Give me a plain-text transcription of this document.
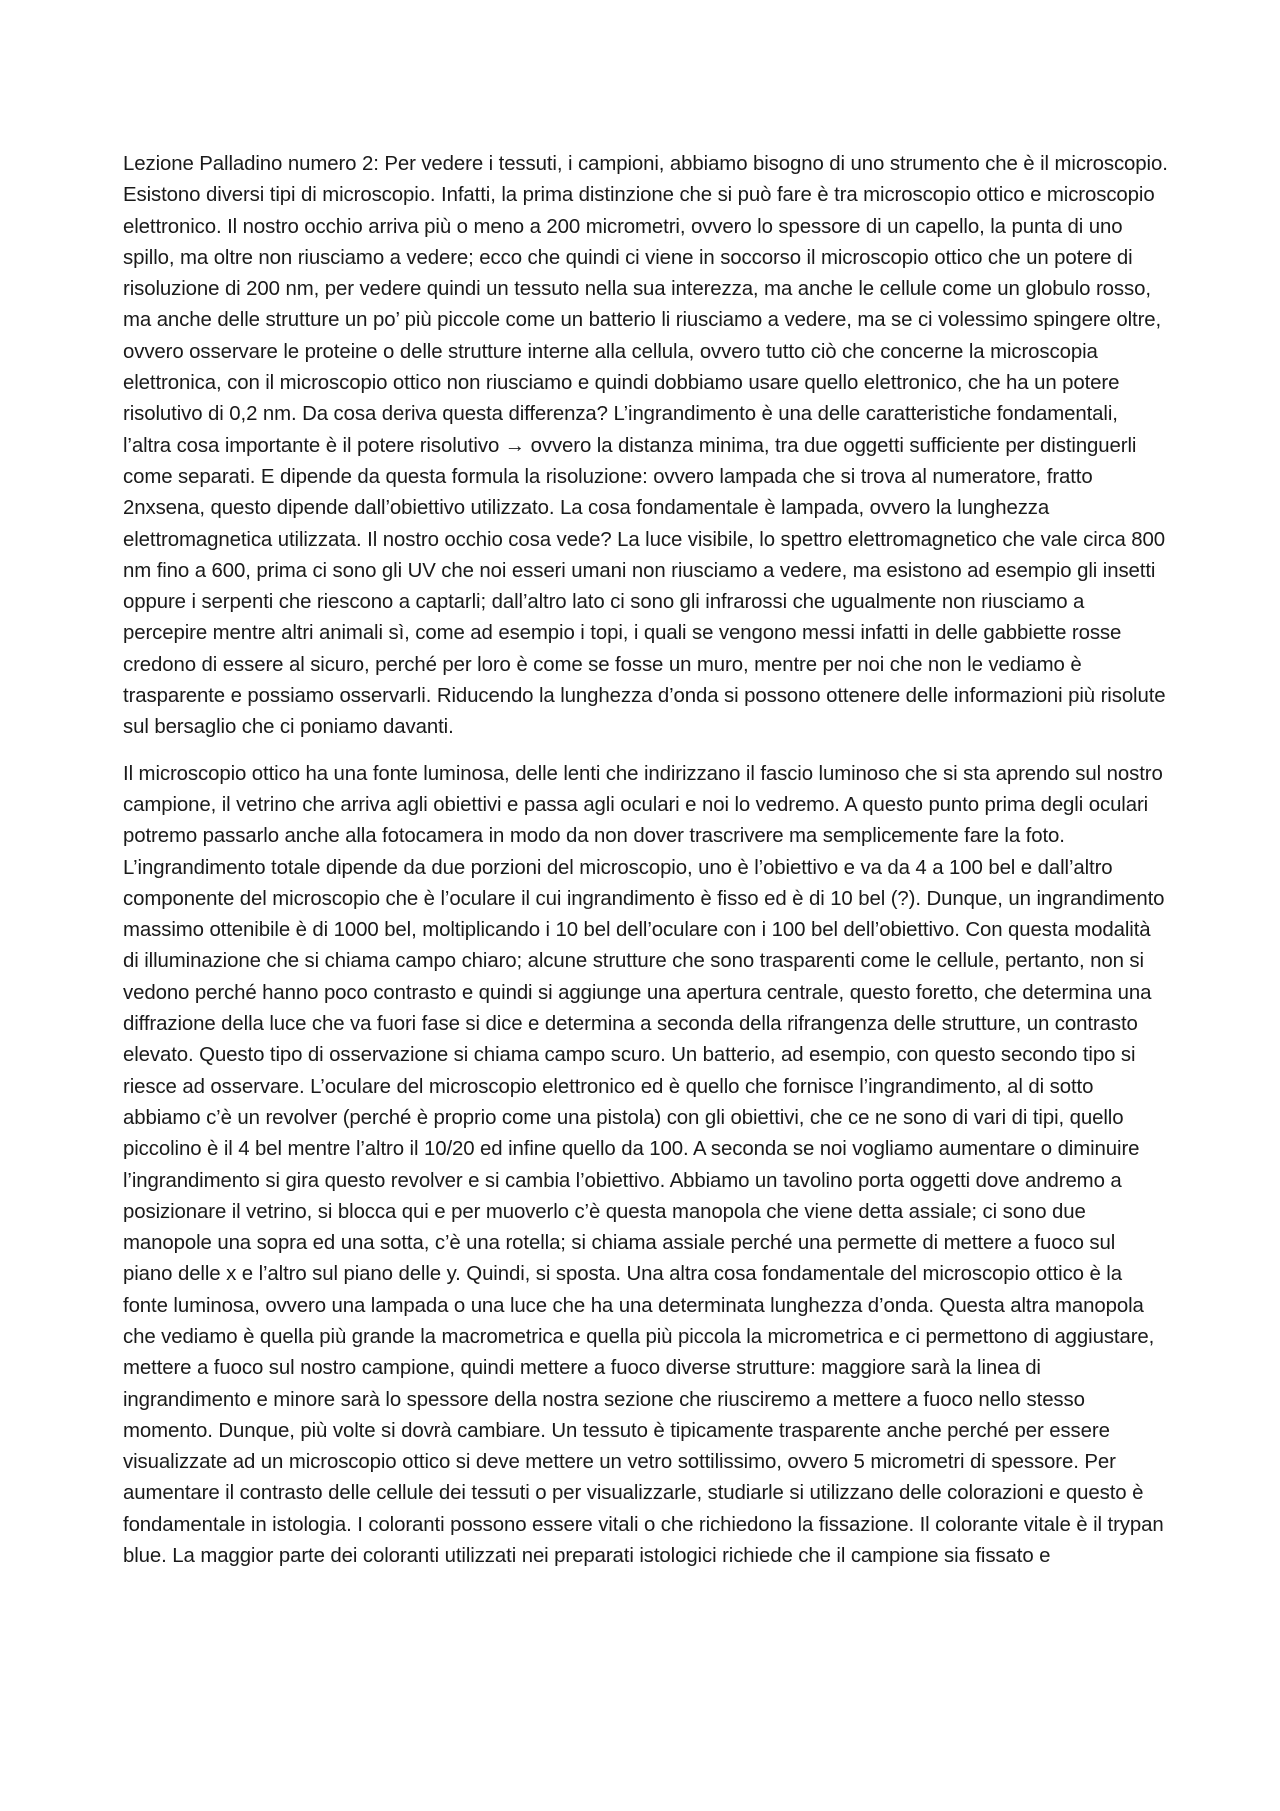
Lezione Palladino numero 2: Per vedere i tessuti, i campioni, abbiamo bisogno di uno strumento che è il microscopio. Esistono diversi tipi di microscopio. Infatti, la prima distinzione che si può fare è tra microscopio ottico e microscopio elettronico. Il nostro occhio arriva più o meno a 200 micrometri, ovvero lo spessore di un capello, la punta di uno spillo, ma oltre non riusciamo a vedere; ecco che quindi ci viene in soccorso il microscopio ottico che un potere di risoluzione di 200 nm, per vedere quindi un tessuto nella sua interezza, ma anche le cellule come un globulo rosso, ma anche delle strutture un po’ più piccole come un batterio li riusciamo a vedere, ma se ci volessimo spingere oltre, ovvero osservare le proteine o delle strutture interne alla cellula, ovvero tutto ciò che concerne la microscopia elettronica, con il microscopio ottico non riusciamo e quindi dobbiamo usare quello elettronico, che ha un potere risolutivo di 0,2 nm. Da cosa deriva questa differenza? L’ingrandimento è una delle caratteristiche fondamentali, l’altra cosa importante è il potere risolutivo → ovvero la distanza minima, tra due oggetti sufficiente per distinguerli come separati. E dipende da questa formula la risoluzione: ovvero lampada che si trova al numeratore, fratto 2nxsena, questo dipende dall’obiettivo utilizzato. La cosa fondamentale è lampada, ovvero la lunghezza elettromagnetica utilizzata. Il nostro occhio cosa vede? La luce visibile, lo spettro elettromagnetico che vale circa 800 nm fino a 600, prima ci sono gli UV che noi esseri umani non riusciamo a vedere, ma esistono ad esempio gli insetti oppure i serpenti che riescono a captarli; dall’altro lato ci sono gli infrarossi che ugualmente non riusciamo a percepire mentre altri animali sì, come ad esempio i topi, i quali se vengono messi infatti in delle gabbiette rosse credono di essere al sicuro, perché per loro è come se fosse un muro, mentre per noi che non le vediamo è trasparente e possiamo osservarli. Riducendo la lunghezza d’onda si possono ottenere delle informazioni più risolute sul bersaglio che ci poniamo davanti.

Il microscopio ottico ha una fonte luminosa, delle lenti che indirizzano il fascio luminoso che si sta aprendo sul nostro campione, il vetrino che arriva agli obiettivi e passa agli oculari e noi lo vedremo. A questo punto prima degli oculari potremo passarlo anche alla fotocamera in modo da non dover trascrivere ma semplicemente fare la foto. L’ingrandimento totale dipende da due porzioni del microscopio, uno è l’obiettivo e va da 4 a 100 bel e dall’altro componente del microscopio che è l’oculare il cui ingrandimento è fisso ed è di 10 bel (?). Dunque, un ingrandimento massimo ottenibile è di 1000 bel, moltiplicando i 10 bel dell’oculare con i 100 bel dell’obiettivo. Con questa modalità di illuminazione che si chiama campo chiaro; alcune strutture che sono trasparenti come le cellule, pertanto, non si vedono perché hanno poco contrasto e quindi si aggiunge una apertura centrale, questo foretto, che determina una diffrazione della luce che va fuori fase si dice e determina a seconda della rifrangenza delle strutture, un contrasto elevato. Questo tipo di osservazione si chiama campo scuro. Un batterio, ad esempio, con questo secondo tipo si riesce ad osservare. L’oculare del microscopio elettronico ed è quello che fornisce l’ingrandimento, al di sotto abbiamo c’è un revolver (perché è proprio come una pistola) con gli obiettivi, che ce ne sono di vari di tipi, quello piccolino è il 4 bel mentre l’altro il 10/20 ed infine quello da 100. A seconda se noi vogliamo aumentare o diminuire l’ingrandimento si gira questo revolver e si cambia l’obiettivo. Abbiamo un tavolino porta oggetti dove andremo a posizionare il vetrino, si blocca qui e per muoverlo c’è questa manopola che viene detta assiale; ci sono due manopole una sopra ed una sotta, c’è una rotella; si chiama assiale perché una permette di mettere a fuoco sul piano delle x e l’altro sul piano delle y. Quindi, si sposta. Una altra cosa fondamentale del microscopio ottico è la fonte luminosa, ovvero una lampada o una luce che ha una determinata lunghezza d’onda. Questa altra manopola che vediamo è quella più grande la macrometrica e quella più piccola la micrometrica e ci permettono di aggiustare, mettere a fuoco sul nostro campione, quindi mettere a fuoco diverse strutture: maggiore sarà la linea di ingrandimento e minore sarà lo spessore della nostra sezione che riusciremo a mettere a fuoco nello stesso momento. Dunque, più volte si dovrà cambiare. Un tessuto è tipicamente trasparente anche perché per essere visualizzate ad un microscopio ottico si deve mettere un vetro sottilissimo, ovvero 5 micrometri di spessore. Per aumentare il contrasto delle cellule dei tessuti o per visualizzarle, studiarle si utilizzano delle colorazioni e questo è fondamentale in istologia. I coloranti possono essere vitali o che richiedono la fissazione. Il colorante vitale è il trypan blue. La maggior parte dei coloranti utilizzati nei preparati istologici richiede che il campione sia fissato e
